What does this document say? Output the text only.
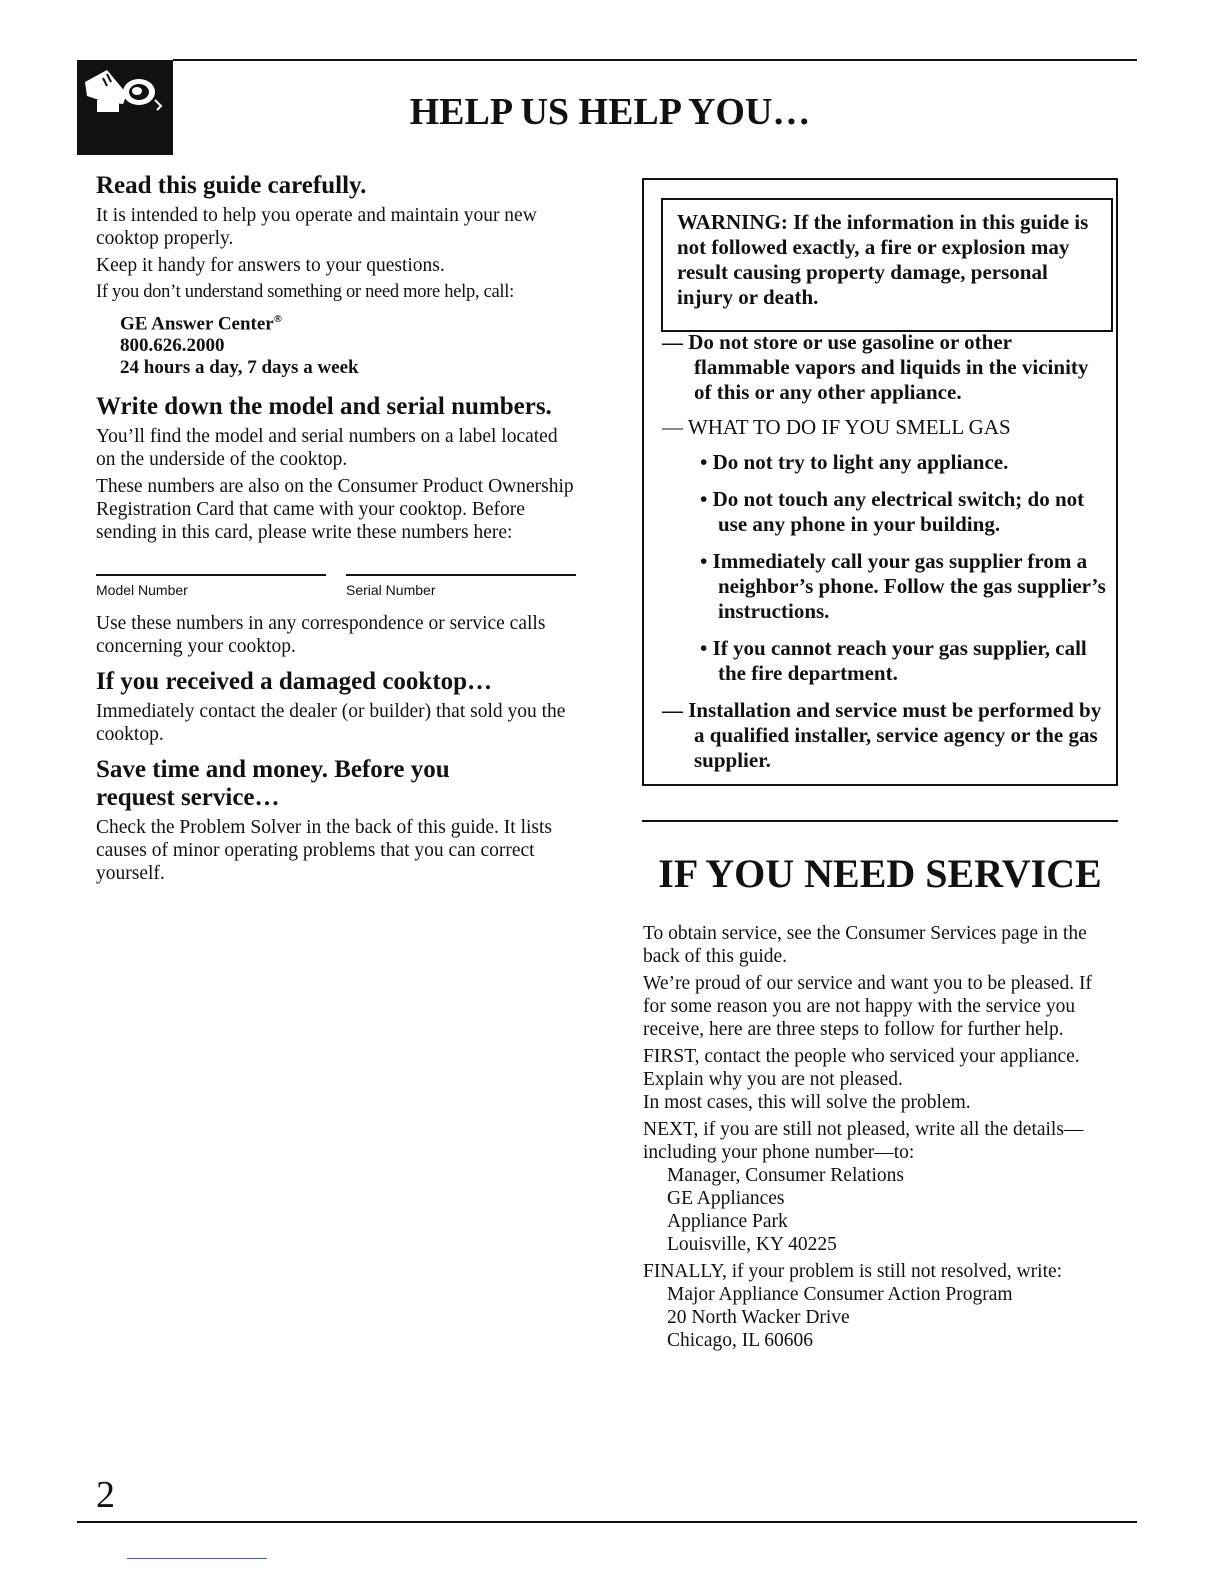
HELP US HELP YOU…
Read this guide carefully.

It is intended to help you operate and maintain your new cooktop properly.

Keep it handy for answers to your questions.

If you don’t understand something or need more help, call:

GE Answer Center®
800.626.2000
24 hours a day, 7 days a week
Write down the model and serial numbers.

You’ll find the model and serial numbers on a label located on the underside of the cooktop.

These numbers are also on the Consumer Product Ownership Registration Card that came with your cooktop. Before sending in this card, please write these numbers here:

Model Number	Serial Number

Use these numbers in any correspondence or service calls concerning your cooktop.

If you received a damaged cooktop…

Immediately contact the dealer (or builder) that sold you the cooktop.

Save time and money. Before you request service…

Check the Problem Solver in the back of this guide. It lists causes of minor operating problems that you can correct yourself.

WARNING: If the information in this guide is not followed exactly, a fire or explosion may result causing property damage, personal injury or death.
— Do not store or use gasoline or other flammable vapors and liquids in the vicinity of this or any other appliance.
— WHAT TO DO IF YOU SMELL GAS
• Do not try to light any appliance.
• Do not touch any electrical switch; do not use any phone in your building.
• Immediately call your gas supplier from a neighbor’s phone. Follow the gas supplier’s instructions.
• If you cannot reach your gas supplier, call the fire department.
— Installation and service must be performed by a qualified installer, service agency or the gas supplier.
IF YOU NEED SERVICE

To obtain service, see the Consumer Services page in the back of this guide.

We’re proud of our service and want you to be pleased. If for some reason you are not happy with the service you receive, here are three steps to follow for further help.

FIRST, contact the people who serviced your appliance. Explain why you are not pleased.
In most cases, this will solve the problem.

NEXT, if you are still not pleased, write all the details—including your phone number—to:

Manager, Consumer Relations
GE Appliances
Appliance Park
Louisville, KY 40225

FINALLY, if your problem is still not resolved, write:

Major Appliance Consumer Action Program
20 North Wacker Drive
Chicago, IL 60606

2
